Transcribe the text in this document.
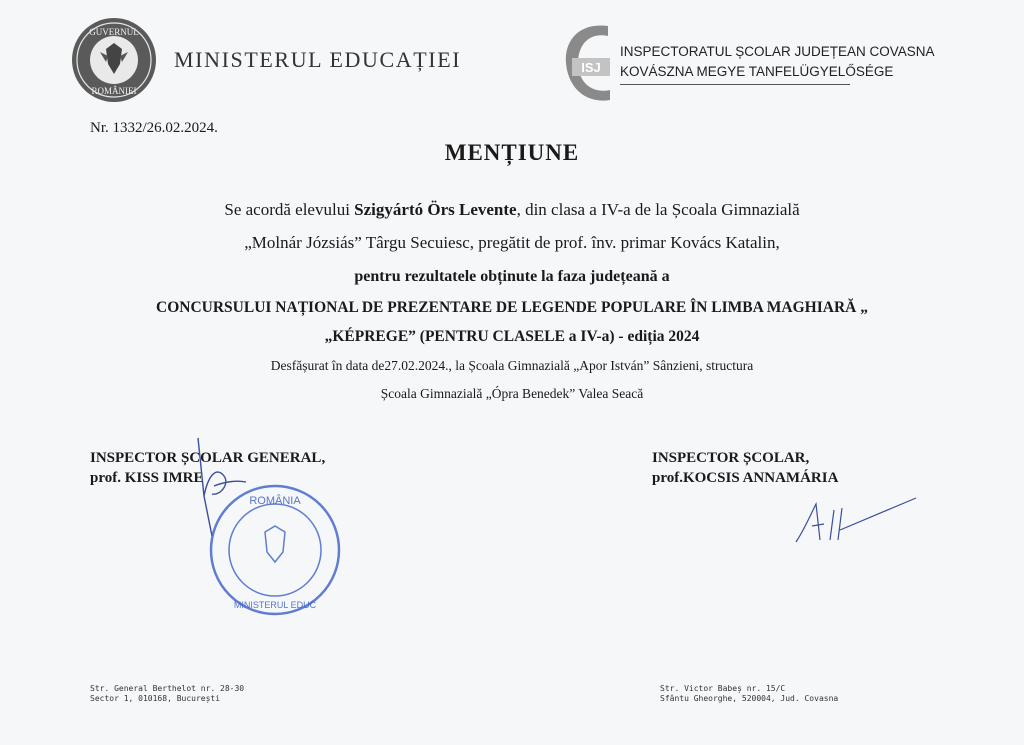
GUVERNUL
ROMÂNIEI
MINISTERUL EDUCAȚIEI	ISJ
INSPECTORATUL ȘCOLAR JUDEȚEAN COVASNA
KOVÁSZNA MEGYE TANFELÜGYELŐSÉGE
Nr. 1332/26.02.2024.
MENȚIUNE
Se acordă elevului Szigyártó Örs Levente, din clasa a IV-a de la Școala Gimnazială
„Molnár Józsiás” Târgu Secuiesc, pregătit de prof. înv. primar Kovács Katalin,
pentru rezultatele obținute la faza județeană a
CONCURSULUI NAȚIONAL DE PREZENTARE DE LEGENDE POPULARE ÎN LIMBA MAGHIARĂ „
„KÉPREGE” (PENTRU CLASELE a IV-a) - ediția 2024
Desfășurat în data de27.02.2024., la Școala Gimnazială „Apor István” Sânzieni, structura
Școala Gimnazială „Ópra Benedek” Valea Seacă
INSPECTOR ȘCOLAR GENERAL,
prof. KISS IMRE
INSPECTOR ȘCOLAR,
prof.KOCSIS ANNAMÁRIA
ROMÂNIA
MINISTERUL EDUC
Str. General Berthelot nr. 28-30
Sector 1, 010168, București
Str. Victor Babeș nr. 15/C
Sfântu Gheorghe, 520004, Jud. Covasna
